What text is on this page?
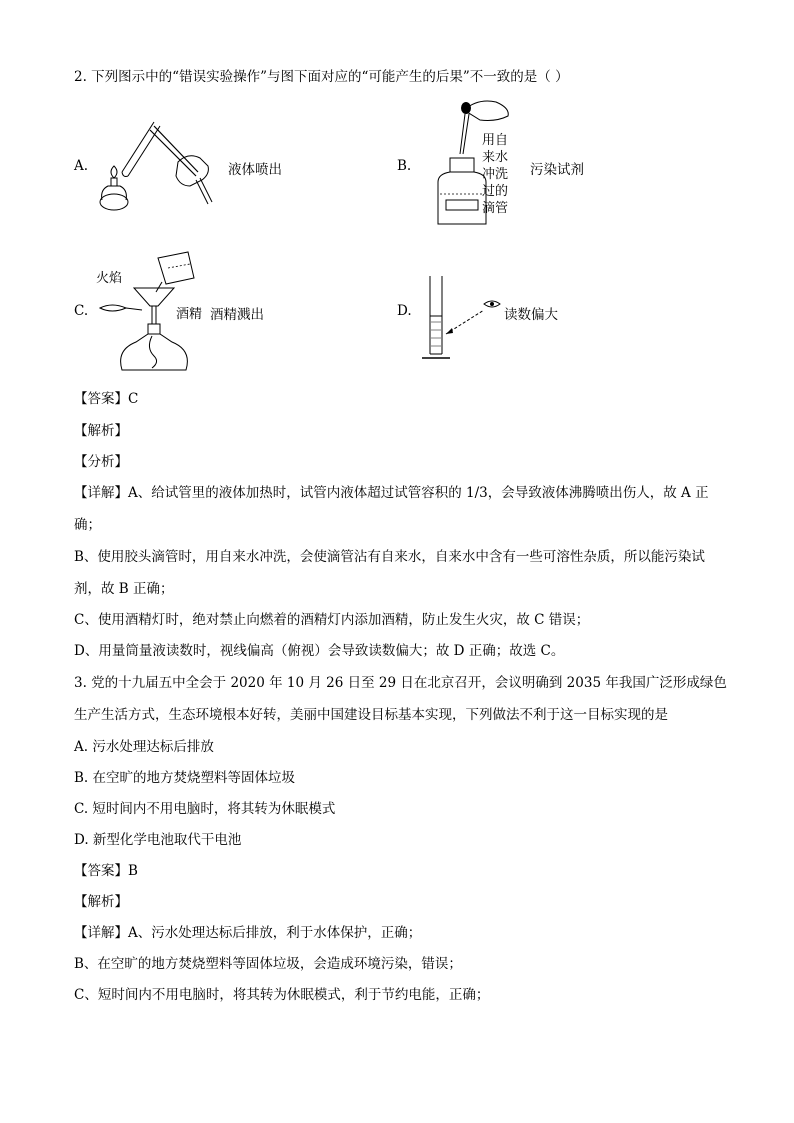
2. 下列图示中的“错误实验操作”与图下面对应的“可能产生的后果”不一致的是（ ）
A.	液体喷出	B.
用自
来水
冲洗
过的
滴管
污染试剂
C.
火焰
酒精 酒精溅出	D.	读数偏大
【答案】C
【解析】
【分析】
【详解】A、给试管里的液体加热时，试管内液体超过试管容积的 1/3，会导致液体沸腾喷出伤人，故 A 正
确；
B、使用胶头滴管时，用自来水冲洗，会使滴管沾有自来水，自来水中含有一些可溶性杂质，所以能污染试
剂，故 B 正确；
C、使用酒精灯时，绝对禁止向燃着的酒精灯内添加酒精，防止发生火灾，故 C 错误；
D、用量筒量液读数时，视线偏高（俯视）会导致读数偏大；故 D 正确；故选 C。
3. 党的十九届五中全会于 2020 年 10 月 26 日至 29 日在北京召开，会议明确到 2035 年我国广泛形成绿色
生产生活方式，生态环境根本好转，美丽中国建设目标基本实现，下列做法不利于这一目标实现的是
A. 污水处理达标后排放
B. 在空旷的地方焚烧塑料等固体垃圾
C. 短时间内不用电脑时，将其转为休眠模式
D. 新型化学电池取代干电池
【答案】B
【解析】
【详解】A、污水处理达标后排放，利于水体保护，正确；
B、在空旷的地方焚烧塑料等固体垃圾，会造成环境污染，错误；
C、短时间内不用电脑时，将其转为休眠模式，利于节约电能，正确；
